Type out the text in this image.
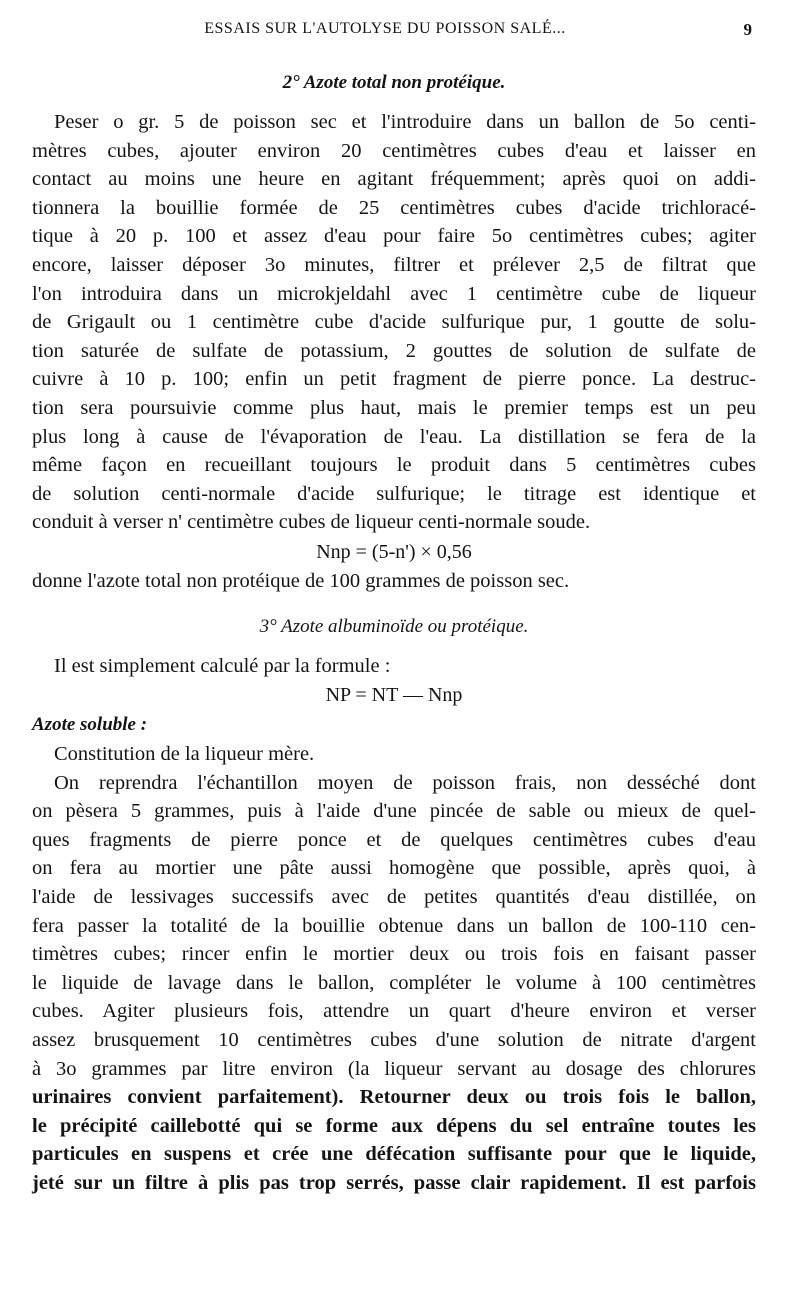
ESSAIS SUR L'AUTOLYSE DU POISSON SALÉ...	9
2° Azote total non protéique.
Peser o gr. 5 de poisson sec et l'introduire dans un ballon de 5o centi-
mètres cubes, ajouter environ 20 centimètres cubes d'eau et laisser en
contact au moins une heure en agitant fréquemment; après quoi on addi-
tionnera la bouillie formée de 25 centimètres cubes d'acide trichloracé-
tique à 20 p. 100 et assez d'eau pour faire 5o centimètres cubes; agiter
encore, laisser déposer 3o minutes, filtrer et prélever 2,5 de filtrat que
l'on introduira dans un microkjeldahl avec 1 centimètre cube de liqueur
de Grigault ou 1 centimètre cube d'acide sulfurique pur, 1 goutte de solu-
tion saturée de sulfate de potassium, 2 gouttes de solution de sulfate de
cuivre à 10 p. 100; enfin un petit fragment de pierre ponce. La destruc-
tion sera poursuivie comme plus haut, mais le premier temps est un peu
plus long à cause de l'évaporation de l'eau. La distillation se fera de la
même façon en recueillant toujours le produit dans 5 centimètres cubes
de solution centi-normale d'acide sulfurique; le titrage est identique et
conduit à verser n' centimètre cubes de liqueur centi-normale soude.
Nnp = (5-n') × 0,56
donne l'azote total non protéique de 100 grammes de poisson sec.
3° Azote albuminoïde ou protéique.
Il est simplement calculé par la formule :
NP = NT — Nnp
Azote soluble :
Constitution de la liqueur mère.
On reprendra l'échantillon moyen de poisson frais, non desséché dont
on pèsera 5 grammes, puis à l'aide d'une pincée de sable ou mieux de quel-
ques fragments de pierre ponce et de quelques centimètres cubes d'eau
on fera au mortier une pâte aussi homogène que possible, après quoi, à
l'aide de lessivages successifs avec de petites quantités d'eau distillée, on
fera passer la totalité de la bouillie obtenue dans un ballon de 100-110 cen-
timètres cubes; rincer enfin le mortier deux ou trois fois en faisant passer
le liquide de lavage dans le ballon, compléter le volume à 100 centimètres
cubes. Agiter plusieurs fois, attendre un quart d'heure environ et verser
assez brusquement 10 centimètres cubes d'une solution de nitrate d'argent
à 3o grammes par litre environ (la liqueur servant au dosage des chlorures
urinaires convient parfaitement). Retourner deux ou trois fois le ballon,
le précipité caillebotté qui se forme aux dépens du sel entraîne toutes les
particules en suspens et crée une défécation suffisante pour que le liquide,
jeté sur un filtre à plis pas trop serrés, passe clair rapidement. Il est parfois
